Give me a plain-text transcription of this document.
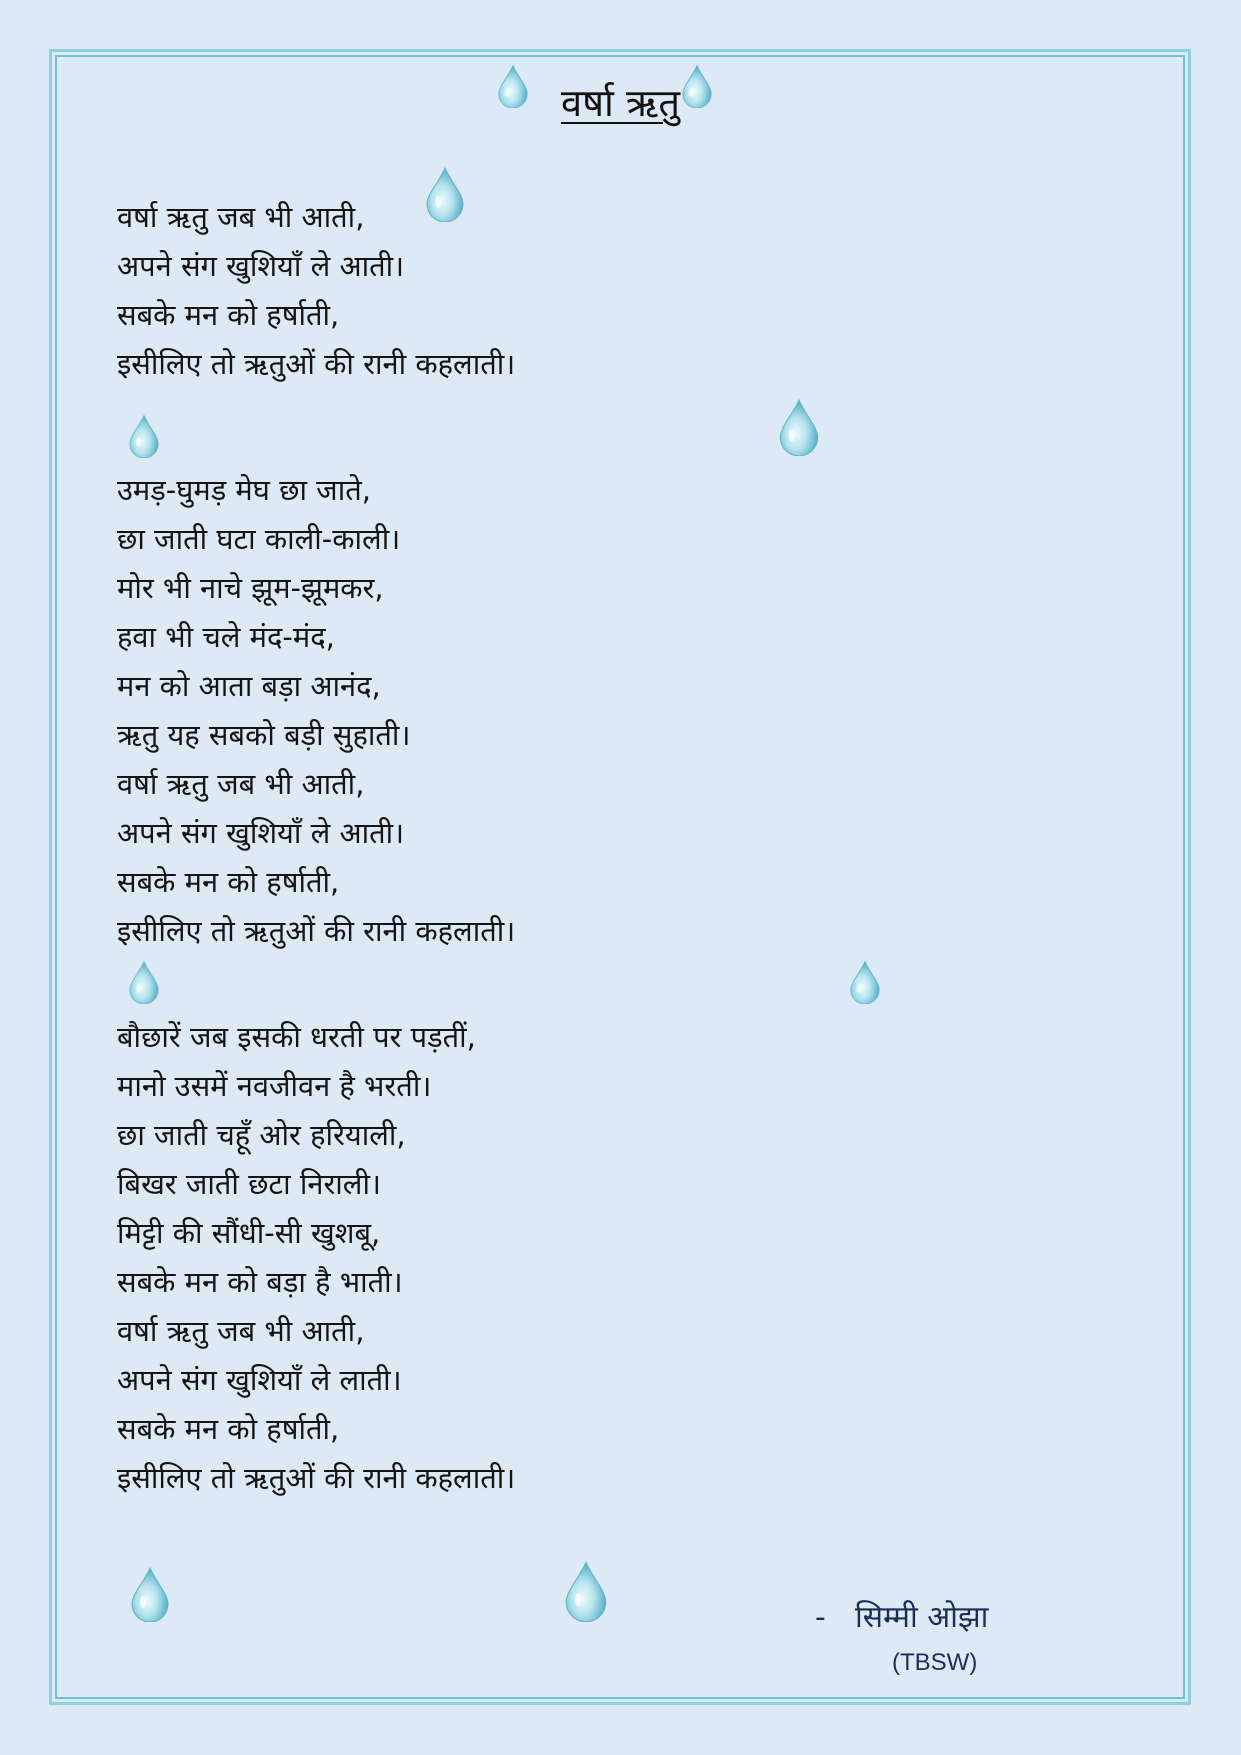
वर्षा ऋतु
वर्षा ऋतु जब भी आती,
अपने संग खुशियाँ ले आती।
सबके मन को हर्षाती,
इसीलिए तो ऋतुओं की रानी कहलाती।
उमड़-घुमड़ मेघ छा जाते,
छा जाती घटा काली-काली।
मोर भी नाचे झूम-झूमकर,
हवा भी चले मंद-मंद,
मन को आता बड़ा आनंद,
ऋतु यह सबको बड़ी सुहाती।
वर्षा ऋतु जब भी आती,
अपने संग खुशियाँ ले आती।
सबके मन को हर्षाती,
इसीलिए तो ऋतुओं की रानी कहलाती।
बौछारें जब इसकी धरती पर पड़तीं,
मानो उसमें नवजीवन है भरती।
छा जाती चहूँ ओर हरियाली,
बिखर जाती छटा निराली।
मिट्टी की सौंधी-सी खुशबू,
सबके मन को बड़ा है भाती।
वर्षा ऋतु जब भी आती,
अपने संग खुशियाँ ले लाती।
सबके मन को हर्षाती,
इसीलिए तो ऋतुओं की रानी कहलाती।
- सिम्मी ओझा
(TBSW)
